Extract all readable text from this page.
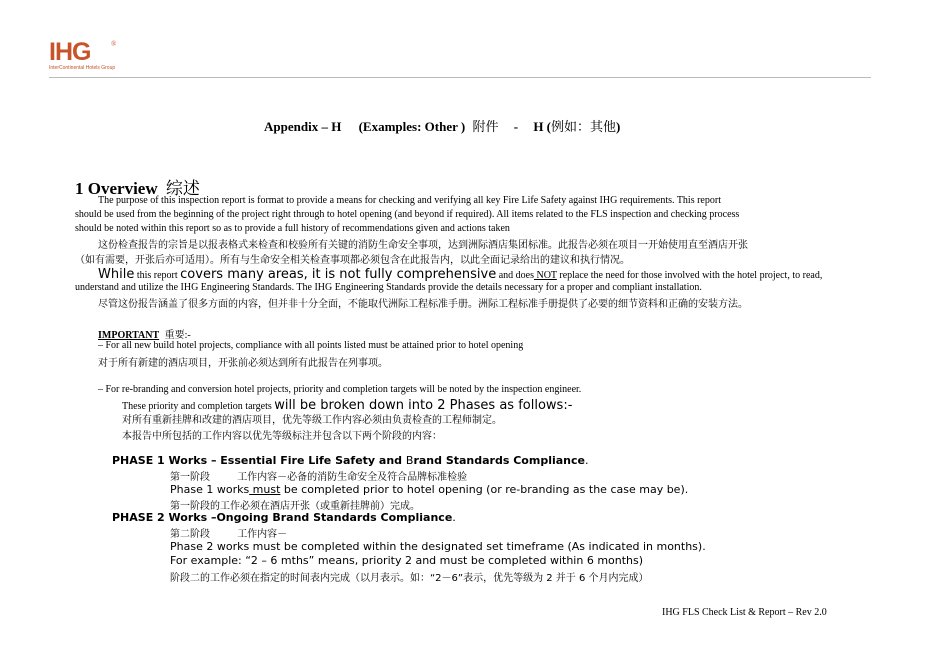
IHG	®
InterContinental Hotels Group
Appendix – H (Examples: Other ) 附件 - H (例如：其他)
1 Overview 综述
The purpose of this inspection report is format to provide a means for checking and verifying all key Fire Life Safety against IHG requirements. This report
should be used from the beginning of the project right through to hotel opening (and beyond if required). All items related to the FLS inspection and checking process
should be noted within this report so as to provide a full history of recommendations given and actions taken
这份检查报告的宗旨是以报表格式来检查和校验所有关键的消防生命安全事项，达到洲际酒店集团标准。此报告必须在项目一开始使用直至酒店开张
（如有需要，开张后亦可适用）。所有与生命安全相关检查事项都必须包含在此报告内，以此全面记录给出的建议和执行情况。
While this report covers many areas, it is not fully comprehensive and does NOT replace the need for those involved with the hotel project, to read,
understand and utilize the IHG Engineering Standards. The IHG Engineering Standards provide the details necessary for a proper and compliant installation.
尽管这份报告涵盖了很多方面的内容，但并非十分全面，不能取代洲际工程标准手册。洲际工程标准手册提供了必要的细节资料和正确的安装方法。
IMPORTANT 重要:-
– For all new build hotel projects, compliance with all points listed must be attained prior to hotel opening
对于所有新建的酒店项目，开张前必须达到所有此报告在列事项。
– For re-branding and conversion hotel projects, priority and completion targets will be noted by the inspection engineer.
These priority and completion targets will be broken down into 2 Phases as follows:-
对所有重新挂牌和改建的酒店项目，优先等级工作内容必须由负责检查的工程师制定。
本报告中所包括的工作内容以优先等级标注并包含以下两个阶段的内容：
PHASE 1 Works – Essential Fire Life Safety and Brand Standards Compliance.
第一阶段	工作内容－必备的消防生命安全及符合品牌标准检验
Phase 1 works must be completed prior to hotel opening (or re-branding as the case may be).
第一阶段的工作必须在酒店开张（或重新挂牌前）完成。
PHASE 2 Works –Ongoing Brand Standards Compliance.
第二阶段	工作内容－
Phase 2 works must be completed within the designated set timeframe (As indicated in months).
For example: “2 – 6 mths” means, priority 2 and must be completed within 6 months)
阶段二的工作必须在指定的时间表内完成（以月表示。如：“2－6”表示，优先等级为 2 并于 6 个月内完成）
IHG FLS Check List & Report – Rev 2.0
